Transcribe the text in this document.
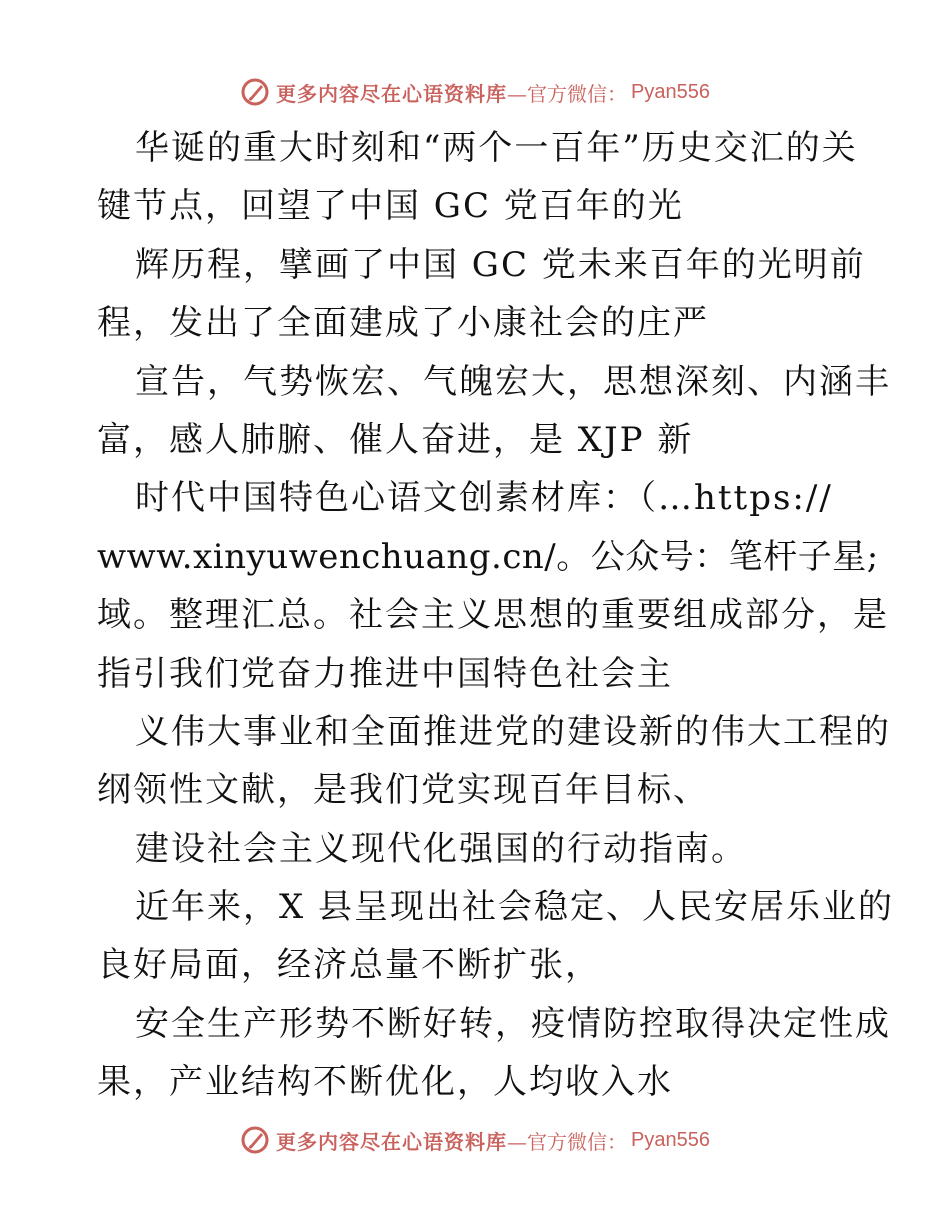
更多内容尽在心语资料库 —官方微信： Pyan556
华诞的重大时刻和“两个一百年”历史交汇的关
键节点，回望了中国 GC 党百年的光
辉历程，擘画了中国 GC 党未来百年的光明前
程，发出了全面建成了小康社会的庄严
宣告，气势恢宏、气魄宏大，思想深刻、内涵丰
富，感人肺腑、催人奋进，是 XJP 新
时代中国特色心语文创素材库：（…https://
www.xinyuwenchuang.cn/。公众号：笔杆子星;
域。整理汇总。社会主义思想的重要组成部分，是
指引我们党奋力推进中国特色社会主
义伟大事业和全面推进党的建设新的伟大工程的
纲领性文献，是我们党实现百年目标、
建设社会主义现代化强国的行动指南。
近年来，X 县呈现出社会稳定、人民安居乐业的
良好局面，经济总量不断扩张，
安全生产形势不断好转，疫情防控取得决定性成
果，产业结构不断优化，人均收入水
更多内容尽在心语资料库 —官方微信： Pyan556
